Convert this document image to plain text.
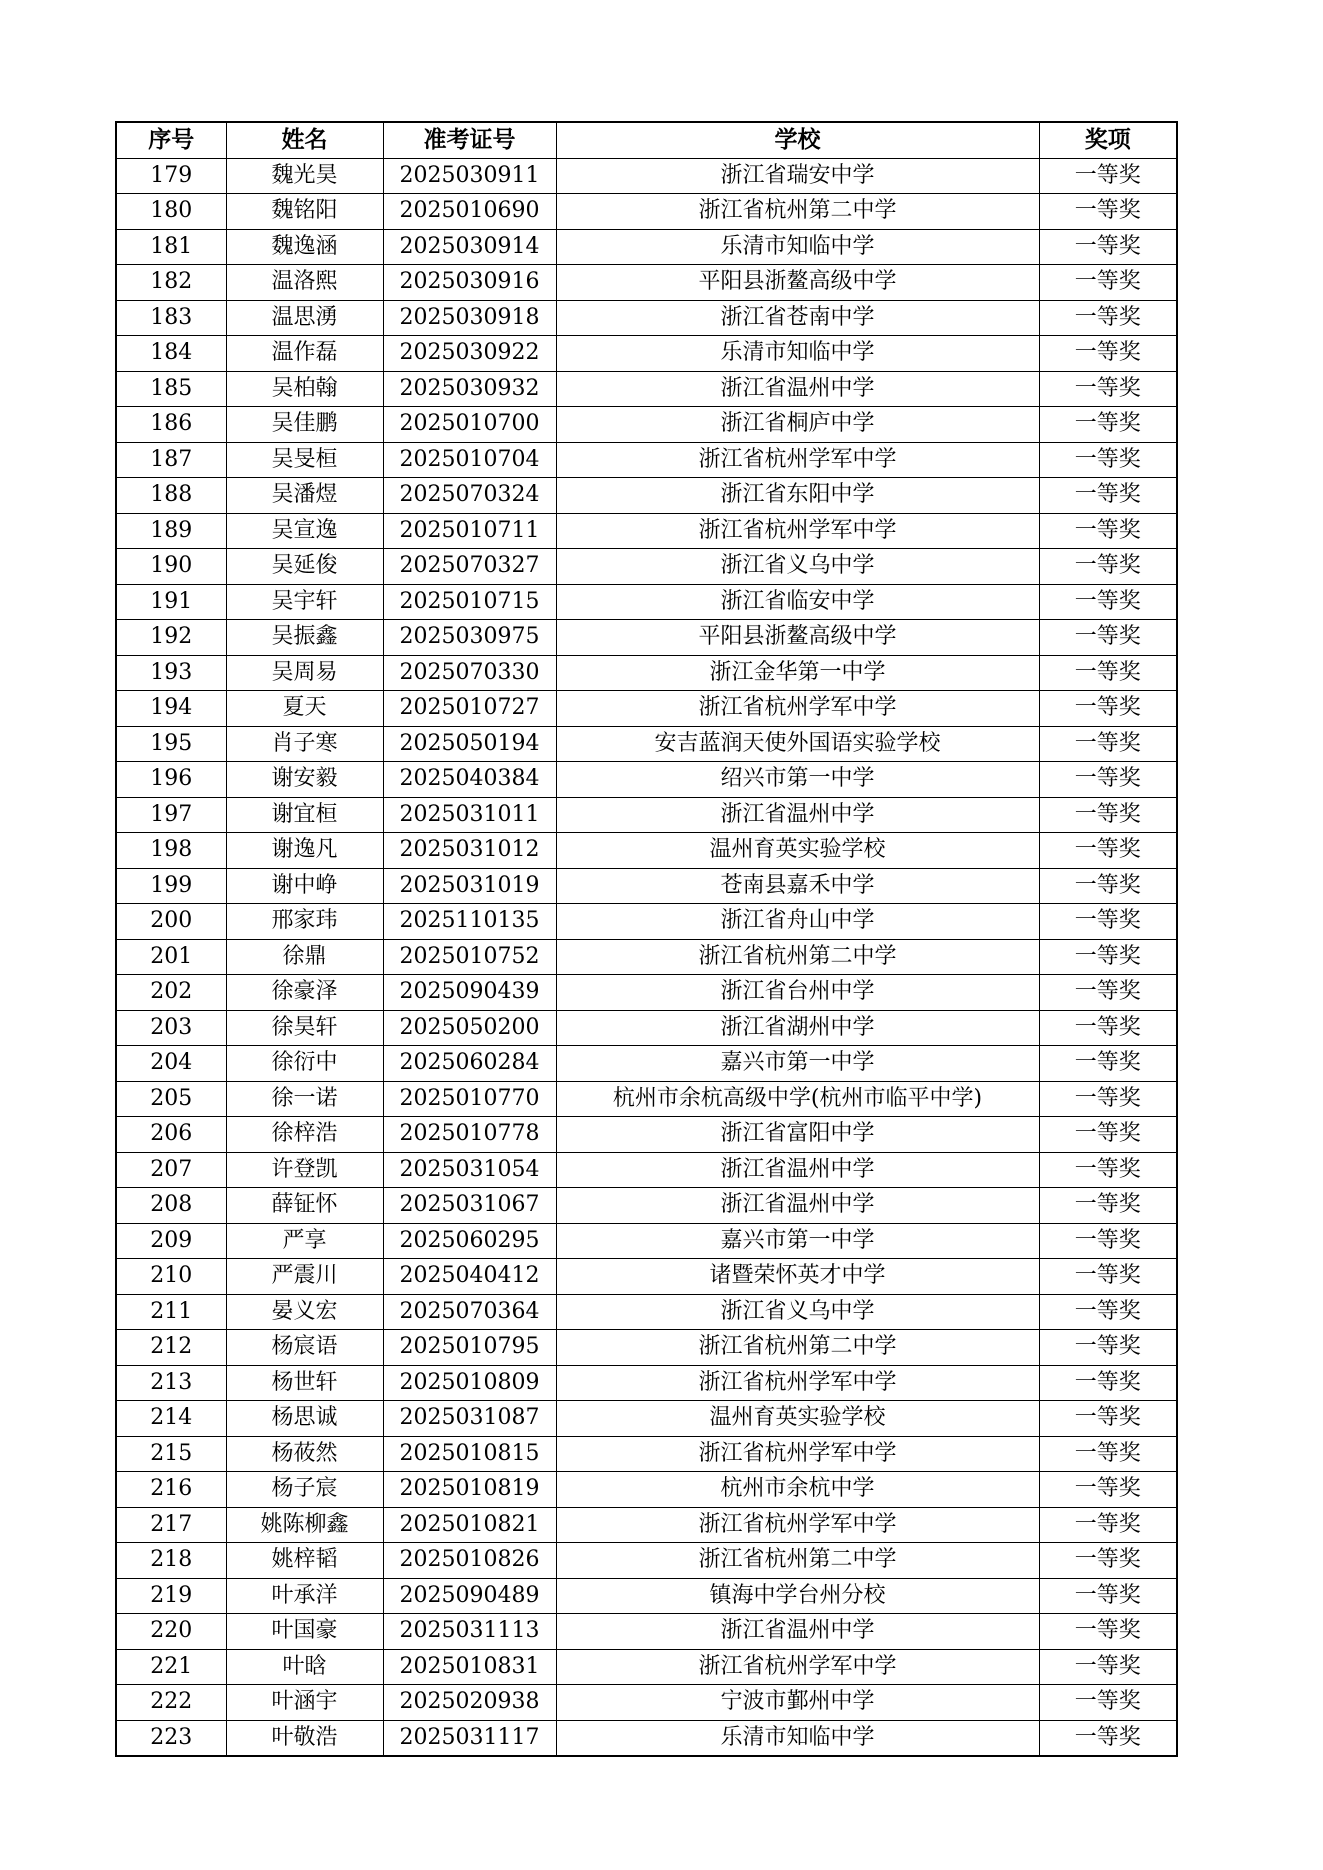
序号	姓名	准考证号	学校	奖项
179	魏光昊	2025030911	浙江省瑞安中学	一等奖
180	魏铭阳	2025010690	浙江省杭州第二中学	一等奖
181	魏逸涵	2025030914	乐清市知临中学	一等奖
182	温洛熙	2025030916	平阳县浙鳌高级中学	一等奖
183	温思湧	2025030918	浙江省苍南中学	一等奖
184	温作磊	2025030922	乐清市知临中学	一等奖
185	吴柏翰	2025030932	浙江省温州中学	一等奖
186	吴佳鹏	2025010700	浙江省桐庐中学	一等奖
187	吴旻桓	2025010704	浙江省杭州学军中学	一等奖
188	吴潘煜	2025070324	浙江省东阳中学	一等奖
189	吴宣逸	2025010711	浙江省杭州学军中学	一等奖
190	吴延俊	2025070327	浙江省义乌中学	一等奖
191	吴宇轩	2025010715	浙江省临安中学	一等奖
192	吴振鑫	2025030975	平阳县浙鳌高级中学	一等奖
193	吴周易	2025070330	浙江金华第一中学	一等奖
194	夏天	2025010727	浙江省杭州学军中学	一等奖
195	肖子寒	2025050194	安吉蓝润天使外国语实验学校	一等奖
196	谢安毅	2025040384	绍兴市第一中学	一等奖
197	谢宜桓	2025031011	浙江省温州中学	一等奖
198	谢逸凡	2025031012	温州育英实验学校	一等奖
199	谢中峥	2025031019	苍南县嘉禾中学	一等奖
200	邢家玮	2025110135	浙江省舟山中学	一等奖
201	徐鼎	2025010752	浙江省杭州第二中学	一等奖
202	徐豪泽	2025090439	浙江省台州中学	一等奖
203	徐昊轩	2025050200	浙江省湖州中学	一等奖
204	徐衍中	2025060284	嘉兴市第一中学	一等奖
205	徐一诺	2025010770	杭州市余杭高级中学(杭州市临平中学)	一等奖
206	徐梓浩	2025010778	浙江省富阳中学	一等奖
207	许登凯	2025031054	浙江省温州中学	一等奖
208	薛钲怀	2025031067	浙江省温州中学	一等奖
209	严享	2025060295	嘉兴市第一中学	一等奖
210	严震川	2025040412	诸暨荣怀英才中学	一等奖
211	晏义宏	2025070364	浙江省义乌中学	一等奖
212	杨宸语	2025010795	浙江省杭州第二中学	一等奖
213	杨世轩	2025010809	浙江省杭州学军中学	一等奖
214	杨思诚	2025031087	温州育英实验学校	一等奖
215	杨莜然	2025010815	浙江省杭州学军中学	一等奖
216	杨子宸	2025010819	杭州市余杭中学	一等奖
217	姚陈柳鑫	2025010821	浙江省杭州学军中学	一等奖
218	姚梓韬	2025010826	浙江省杭州第二中学	一等奖
219	叶承洋	2025090489	镇海中学台州分校	一等奖
220	叶国豪	2025031113	浙江省温州中学	一等奖
221	叶晗	2025010831	浙江省杭州学军中学	一等奖
222	叶涵宇	2025020938	宁波市鄞州中学	一等奖
223	叶敬浩	2025031117	乐清市知临中学	一等奖
